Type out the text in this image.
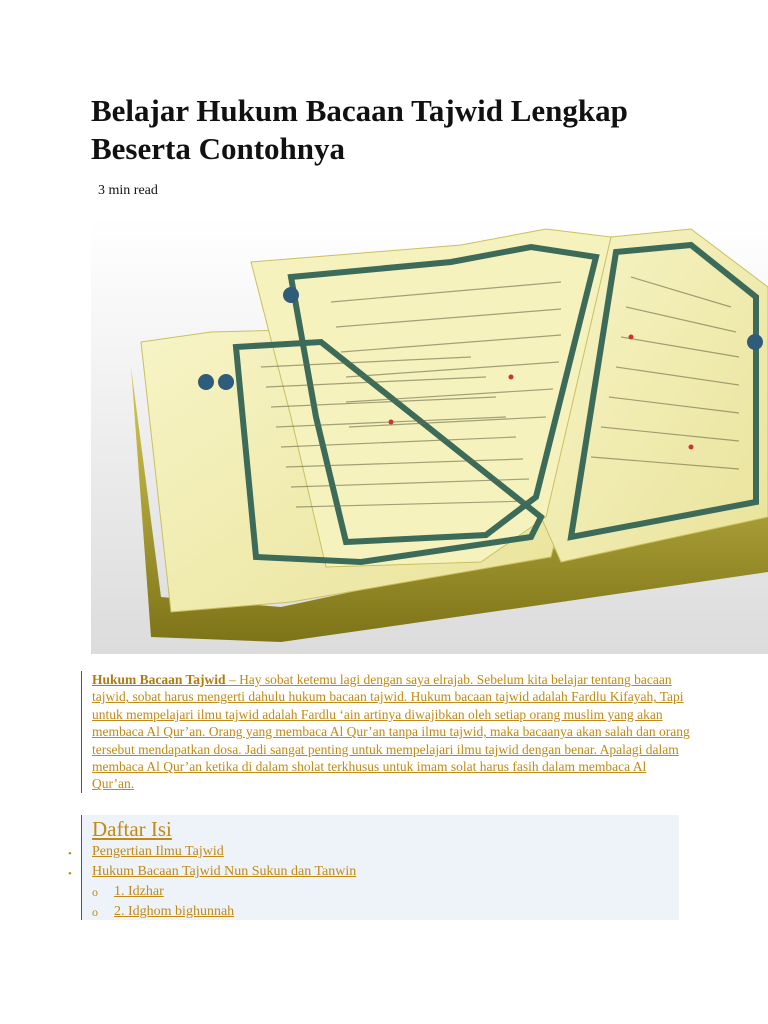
Belajar Hukum Bacaan Tajwid Lengkap Beserta Contohnya
3 min read
Hukum Bacaan Tajwid – Hay sobat ketemu lagi dengan saya elrajab. Sebelum kita belajar tentang bacaan tajwid, sobat harus mengerti dahulu hukum bacaan tajwid. Hukum bacaan tajwid adalah Fardlu Kifayah, Tapi untuk mempelajari ilmu tajwid adalah Fardlu ‘ain artinya diwajibkan oleh setiap orang muslim yang akan membaca Al Qur’an. Orang yang membaca Al Qur’an tanpa ilmu tajwid, maka bacaanya akan salah dan orang tersebut mendapatkan dosa. Jadi sangat penting untuk mempelajari ilmu tajwid dengan benar. Apalagi dalam membaca Al Qur’an ketika di dalam sholat terkhusus untuk imam solat harus fasih dalam membaca Al Qur’an.
Daftar Isi
•
•
Pengertian Ilmu Tajwid
Hukum Bacaan Tajwid Nun Sukun dan Tanwin
o
o
1. Idzhar
2. Idghom bighunnah
